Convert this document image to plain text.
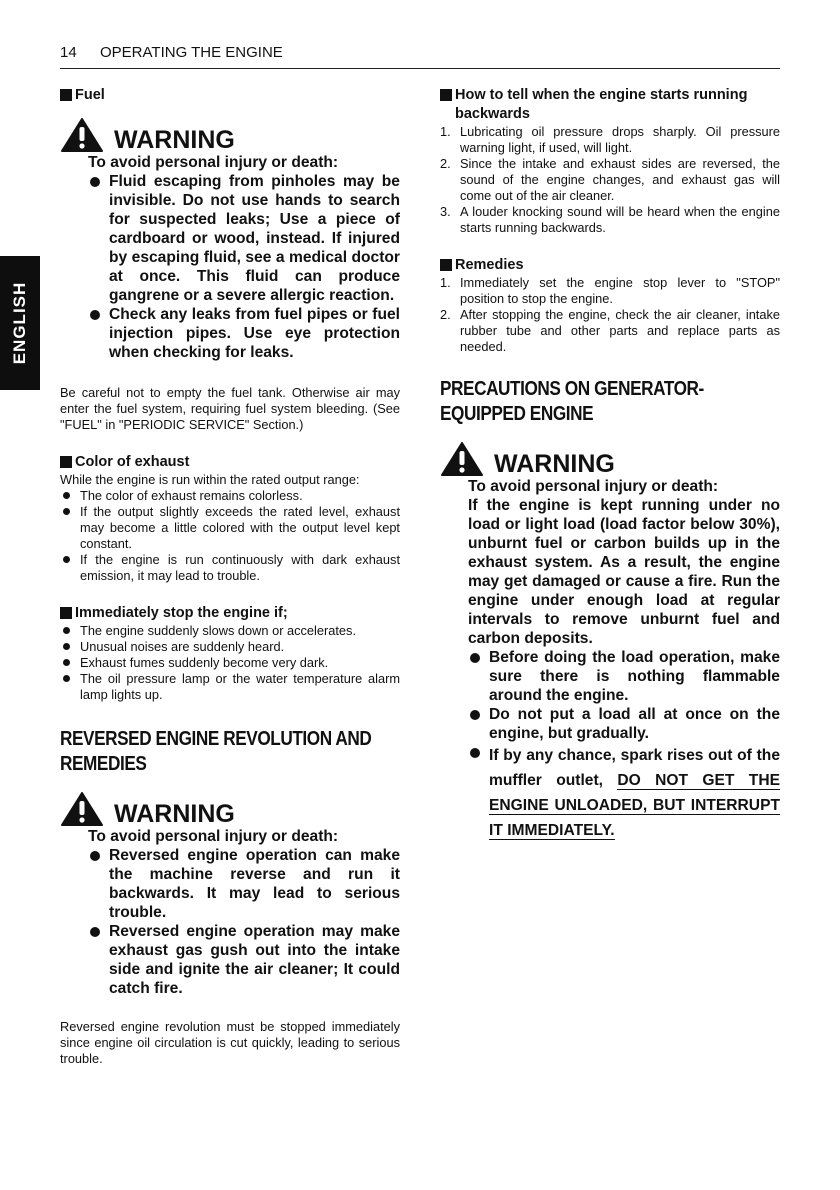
14 OPERATING THE ENGINE
ENGLISH
Fuel
WARNING

To avoid personal injury or death:

Fluid escaping from pinholes may be invisible. Do not use hands to search for suspected leaks; Use a piece of cardboard or wood, instead. If injured by escaping fluid, see a medical doctor at once. This fluid can produce gangrene or a severe allergic reaction.
Check any leaks from fuel pipes or fuel injection pipes. Use eye protection when checking for leaks.

Be careful not to empty the fuel tank. Otherwise air may enter the fuel system, requiring fuel system bleeding. (See "FUEL" in "PERIODIC SERVICE" Section.)

Color of exhaust

While the engine is run within the rated output range:

The color of exhaust remains colorless.
If the output slightly exceeds the rated level, exhaust may become a little colored with the output level kept constant.
If the engine is run continuously with dark exhaust emission, it may lead to trouble.
Immediately stop the engine if;
The engine suddenly slows down or accelerates.
Unusual noises are suddenly heard.
Exhaust fumes suddenly become very dark.
The oil pressure lamp or the water temperature alarm lamp lights up.
REVERSED ENGINE REVOLUTION AND
REMEDIES
WARNING

To avoid personal injury or death:

Reversed engine operation can make the machine reverse and run it backwards. It may lead to serious trouble.
Reversed engine operation may make exhaust gas gush out into the intake side and ignite the air cleaner; It could catch fire.

Reversed engine revolution must be stopped immediately since engine oil circulation is cut quickly, leading to serious trouble.

How to tell when the engine starts running
backwards
1. Lubricating oil pressure drops sharply. Oil pressure warning light, if used, will light.
2. Since the intake and exhaust sides are reversed, the sound of the engine changes, and exhaust gas will come out of the air cleaner.
3. A louder knocking sound will be heard when the engine starts running backwards.
Remedies
1. Immediately set the engine stop lever to "STOP" position to stop the engine.
2. After stopping the engine, check the air cleaner, intake rubber tube and other parts and replace parts as needed.
PRECAUTIONS ON GENERATOR-
EQUIPPED ENGINE
WARNING

To avoid personal injury or death:

If the engine is kept running under no load or light load (load factor below 30%), unburnt fuel or carbon builds up in the exhaust system. As a result, the engine may get damaged or cause a fire. Run the engine under enough load at regular intervals to remove unburnt fuel and carbon deposits.

Before doing the load operation, make sure there is nothing flammable around the engine.
Do not put a load all at once on the engine, but gradually.
If by any chance, spark rises out of the muffler outlet, DO NOT GET THE ENGINE UNLOADED, BUT INTERRUPT IT IMMEDIATELY.
